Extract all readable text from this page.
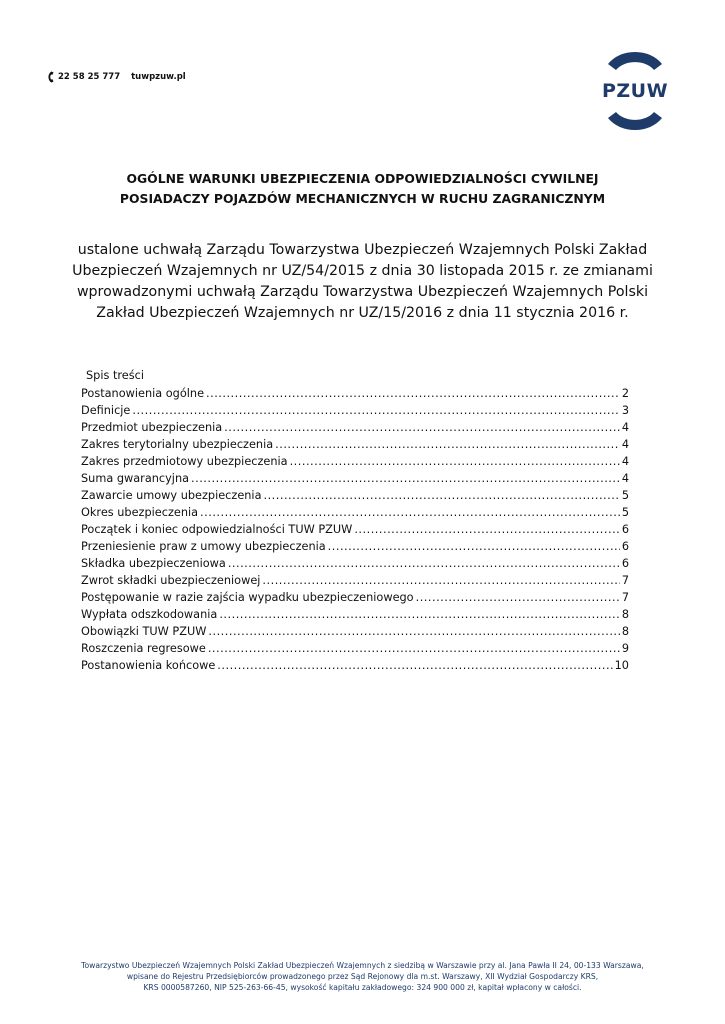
22 58 25 777 tuwpzuw.pl
PZUW
OGÓLNE WARUNKI UBEZPIECZENIA ODPOWIEDZIALNOŚCI CYWILNEJ
POSIADACZY POJAZDÓW MECHANICZNYCH W RUCHU ZAGRANICZNYM
ustalone uchwałą Zarządu Towarzystwa Ubezpieczeń Wzajemnych Polski Zakład
Ubezpieczeń Wzajemnych nr UZ/54/2015 z dnia 30 listopada 2015 r. ze zmianami
wprowadzonymi uchwałą Zarządu Towarzystwa Ubezpieczeń Wzajemnych Polski
Zakład Ubezpieczeń Wzajemnych nr UZ/15/2016 z dnia 11 stycznia 2016 r.
Spis treści
Postanowienia ogólne .....	2
Definicje .....	3
Przedmiot ubezpieczenia .....	4
Zakres terytorialny ubezpieczenia .....	4
Zakres przedmiotowy ubezpieczenia .....	4
Suma gwarancyjna .....	4
Zawarcie umowy ubezpieczenia .....	5
Okres ubezpieczenia .....	5
Początek i koniec odpowiedzialności TUW PZUW .....	6
Przeniesienie praw z umowy ubezpieczenia .....	6
Składka ubezpieczeniowa .....	6
Zwrot składki ubezpieczeniowej .....	7
Postępowanie w razie zajścia wypadku ubezpieczeniowego .....	7
Wypłata odszkodowania .....	8
Obowiązki TUW PZUW .....	8
Roszczenia regresowe .....	9
Postanowienia końcowe .....	10
Towarzystwo Ubezpieczeń Wzajemnych Polski Zakład Ubezpieczeń Wzajemnych z siedzibą w Warszawie przy al. Jana Pawła II 24, 00-133 Warszawa,
wpisane do Rejestru Przedsiębiorców prowadzonego przez Sąd Rejonowy dla m.st. Warszawy, XII Wydział Gospodarczy KRS,
KRS 0000587260, NIP 525-263-66-45, wysokość kapitału zakładowego: 324 900 000 zł, kapitał wpłacony w całości.
